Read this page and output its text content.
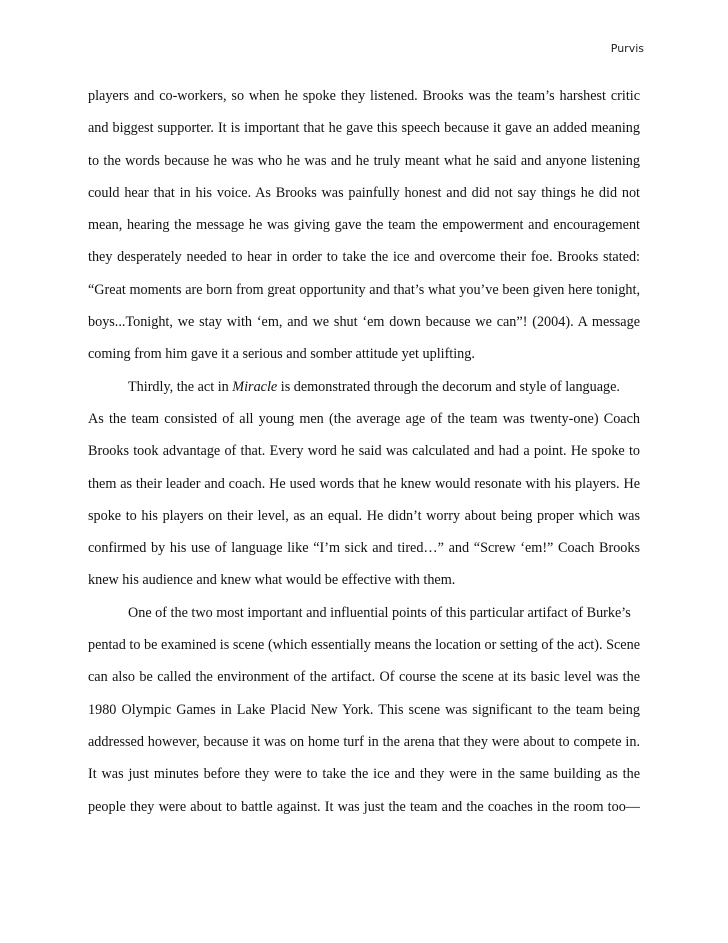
Purvis

players and co-workers, so when he spoke they listened. Brooks was the team’s harshest critic
and biggest supporter. It is important that he gave this speech because it gave an added meaning
to the words because he was who he was and he truly meant what he said and anyone listening
could hear that in his voice. As Brooks was painfully honest and did not say things he did not
mean, hearing the message he was giving gave the team the empowerment and encouragement
they desperately needed to hear in order to take the ice and overcome their foe. Brooks stated:
“Great moments are born from great opportunity and that’s what you’ve been given here tonight,
boys...Tonight, we stay with ‘em, and we shut ‘em down because we can”! (2004). A message
coming from him gave it a serious and somber attitude yet uplifting.

Thirdly, the act in Miracle is demonstrated through the decorum and style of language.
As the team consisted of all young men (the average age of the team was twenty-one) Coach
Brooks took advantage of that. Every word he said was calculated and had a point. He spoke to
them as their leader and coach. He used words that he knew would resonate with his players. He
spoke to his players on their level, as an equal. He didn’t worry about being proper which was
confirmed by his use of language like “I’m sick and tired…” and “Screw ‘em!” Coach Brooks
knew his audience and knew what would be effective with them.

One of the two most important and influential points of this particular artifact of Burke’s
pentad to be examined is scene (which essentially means the location or setting of the act). Scene
can also be called the environment of the artifact. Of course the scene at its basic level was the
1980 Olympic Games in Lake Placid New York. This scene was significant to the team being
addressed however, because it was on home turf in the arena that they were about to compete in.
It was just minutes before they were to take the ice and they were in the same building as the
people they were about to battle against. It was just the team and the coaches in the room too—
